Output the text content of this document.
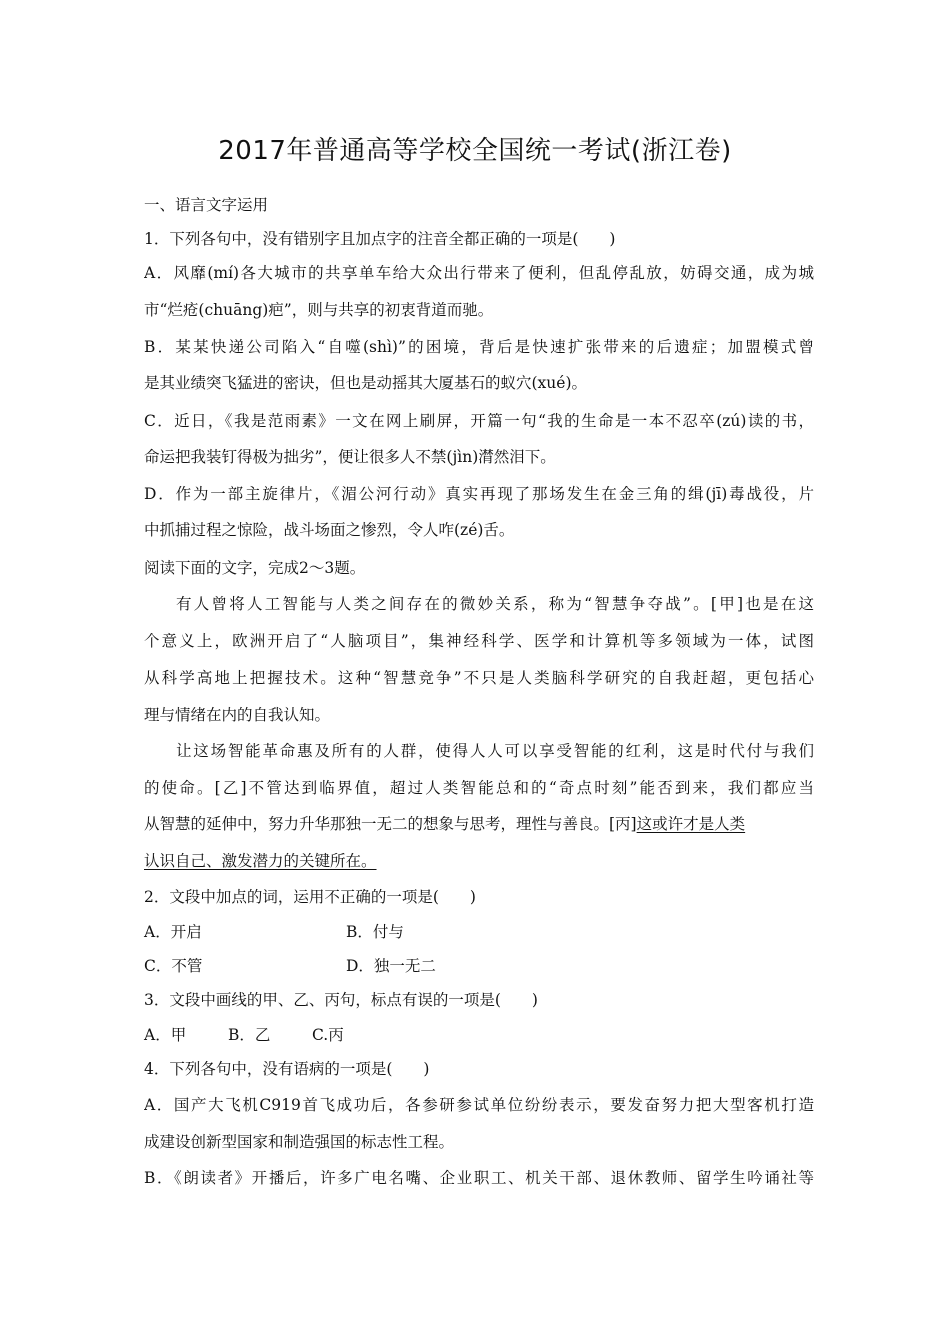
2017年普通高等学校全国统一考试(浙江卷)
一、语言文字运用
1．下列各句中，没有错别字且加点字的注音全都正确的一项是(　　)
A．风靡(mí)各大城市的共享单车给大众出行带来了便利，但乱停乱放，妨碍交通，成为城
市“烂疮(chuāng)疤”，则与共享的初衷背道而驰。
B．某某快递公司陷入“自噬(shì)”的困境，背后是快速扩张带来的后遗症；加盟模式曾
是其业绩突飞猛进的密诀，但也是动摇其大厦基石的蚁穴(xué)。
C．近日，《我是范雨素》一文在网上刷屏，开篇一句“我的生命是一本不忍卒(zú)读的书，
命运把我装钉得极为拙劣”，便让很多人不禁(jìn)潸然泪下。
D．作为一部主旋律片，《湄公河行动》真实再现了那场发生在金三角的缉(jī)毒战役，片
中抓捕过程之惊险，战斗场面之惨烈，令人咋(zé)舌。
阅读下面的文字，完成2～3题。
有人曾将人工智能与人类之间存在的微妙关系，称为“智慧争夺战”。[甲]也是在这
个意义上，欧洲开启了“人脑项目”，集神经科学、医学和计算机等多领域为一体，试图
从科学高地上把握技术。这种“智慧竞争”不只是人类脑科学研究的自我赶超，更包括心
理与情绪在内的自我认知。
让这场智能革命惠及所有的人群，使得人人可以享受智能的红利，这是时代付与我们
的使命。[乙]不管达到临界值，超过人类智能总和的“奇点时刻”能否到来，我们都应当
从智慧的延伸中，努力升华那独一无二的想象与思考，理性与善良。[丙]这或许才是人类
认识自己、激发潜力的关键所在。
2．文段中加点的词，运用不正确的一项是(　　)
A．开启	B．付与
C．不管	D．独一无二
3．文段中画线的甲、乙、丙句，标点有误的一项是(　　)
A．甲	B．乙	C.丙
4．下列各句中，没有语病的一项是(　　)
A．国产大飞机C919首飞成功后，各参研参试单位纷纷表示，要发奋努力把大型客机打造
成建设创新型国家和制造强国的标志性工程。
B．《朗读者》开播后，许多广电名嘴、企业职工、机关干部、退休教师、留学生吟诵社等
